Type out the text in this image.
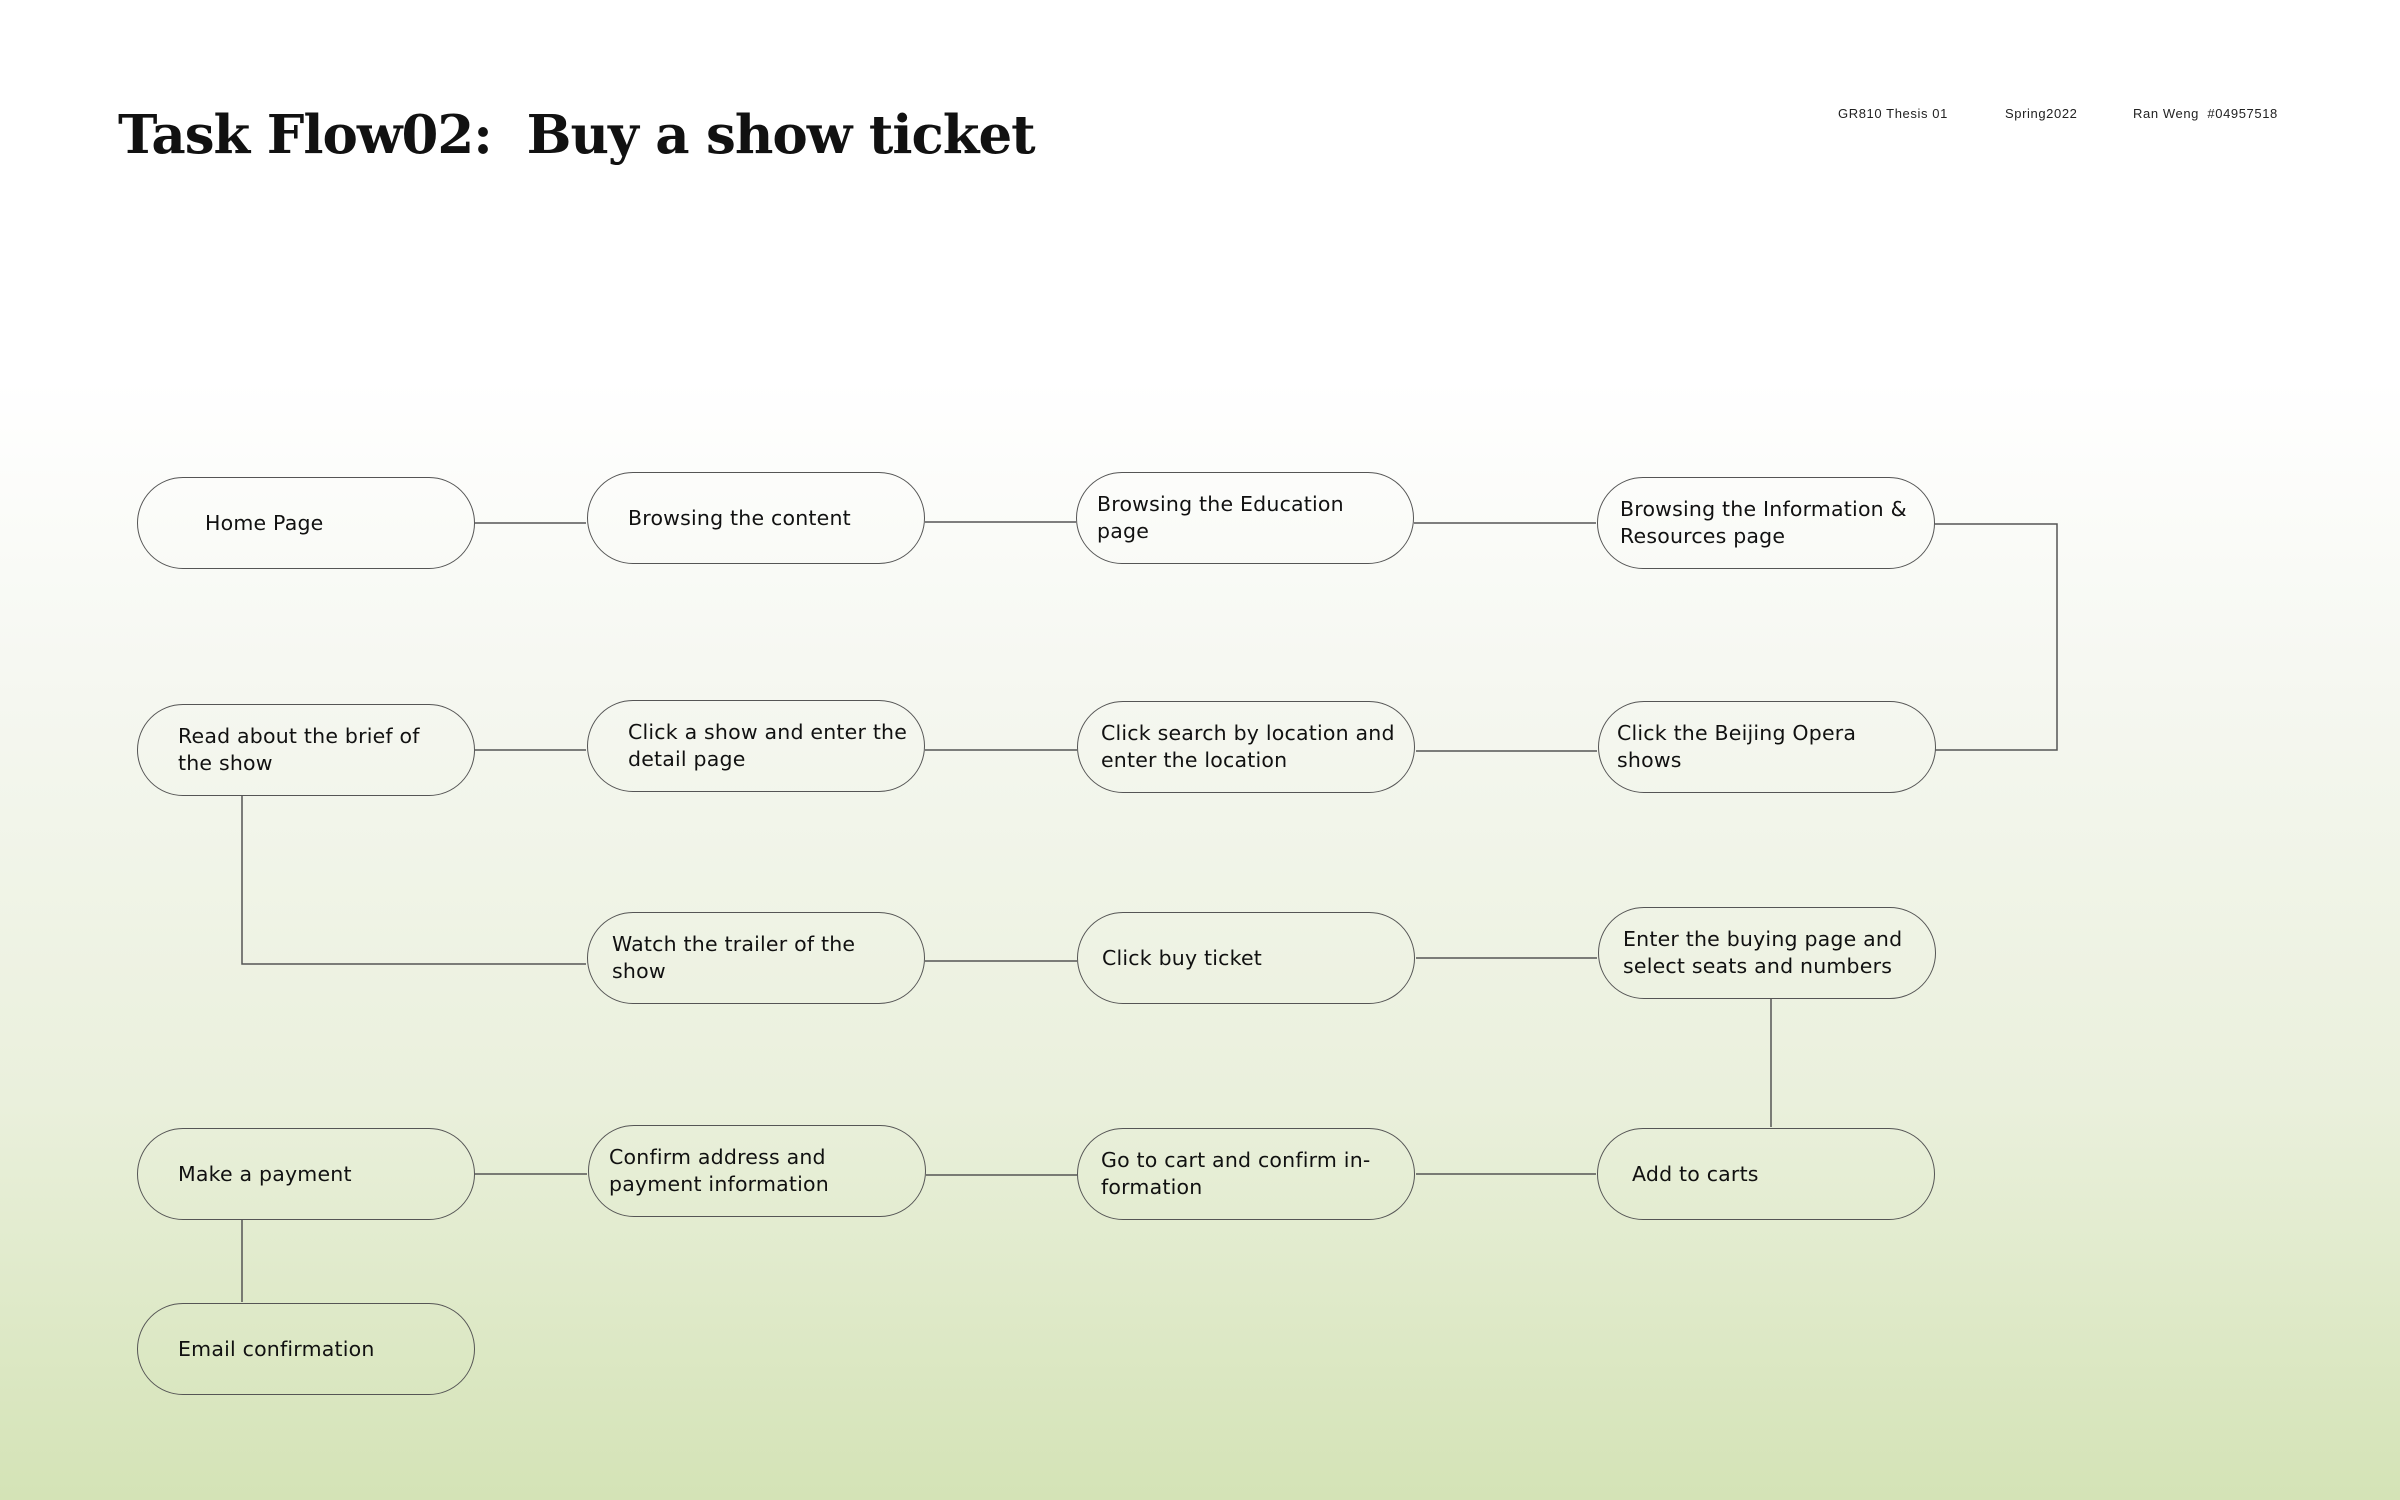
Task Flow02:  Buy a show ticket	GR810 Thesis 01	Spring2022	Ran Weng  #04957518
Home Page	Browsing the content
Browsing the Education page
Browsing the Information & Resources page
Read about the brief of the show
Click a show and enter the detail page
Click search by location and enter the location
Click the Beijing Opera shows
Watch the trailer of the show
Click buy ticket
Enter the buying page and select seats and numbers
Make a payment
Confirm address and payment information
Go to cart and confirm in-formation
Add to carts
Email confirmation
